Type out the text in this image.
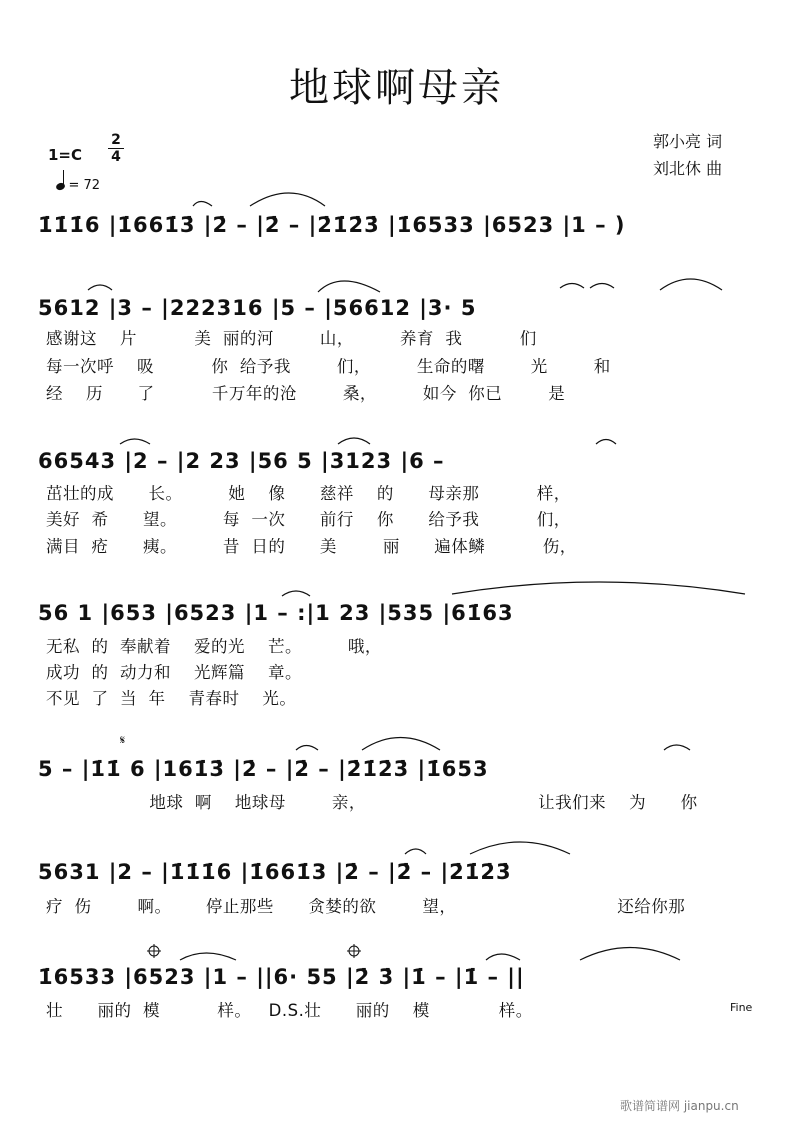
地球啊母亲
1=C
2
4
= 72
郭小亮 词
刘北休 曲
1̇1̇1̇6 |1̇661̇3̇ |2̇ – |2̇ – |2̇1̇2̇3̇ |1̇6533 |6523 |1 – )
5612 |3 – |222316 |5 – |56612 |3· 5
感谢这    片          美  丽的河        山，        养育  我          们
每一次呼    吸          你  给予我        们，        生命的曙        光        和
经    历      了          千万年的沧        桑，        如今  你已        是
66543 |2 – |2 23 |56 5 |3123 |6 –
茁壮的成      长。        她    像      慈祥    的      母亲那          样，
美好  希      望。        每  一次      前行    你      给予我          们，
满目  疮      痍。        昔  日的      美        丽      遍体鳞          伤，
56 1 |653 |6523 |1 – :|1 23 |535 |61̇63
无私  的  奉献着    爱的光    芒。        哦，
成功  的  动力和    光辉篇    章。
不见  了  当  年    青春时    光。
5 – |1̇1̇ 6 |161̇3̇ |2̇ – |2̇ – |2̇1̇2̇3̇ |1̇653
地球  啊    地球母        亲，                              让我们来    为      你
5631 |2 – |1̇1̇1̇6 |1̇661̇3 |2̇ – |2̇ – |2̇1̇2̇3̇
疗  伤        啊。      停止那些      贪婪的欲        望，                            还给你那
1̇6533 |6523 |1 – ||6· 55 |2̇ 3̇ |1̇ – |1̇ – ||
壮      丽的  模          样。   D.S.壮      丽的    模            样。	Fine
𝄋
歌谱简谱网 jianpu.cn
